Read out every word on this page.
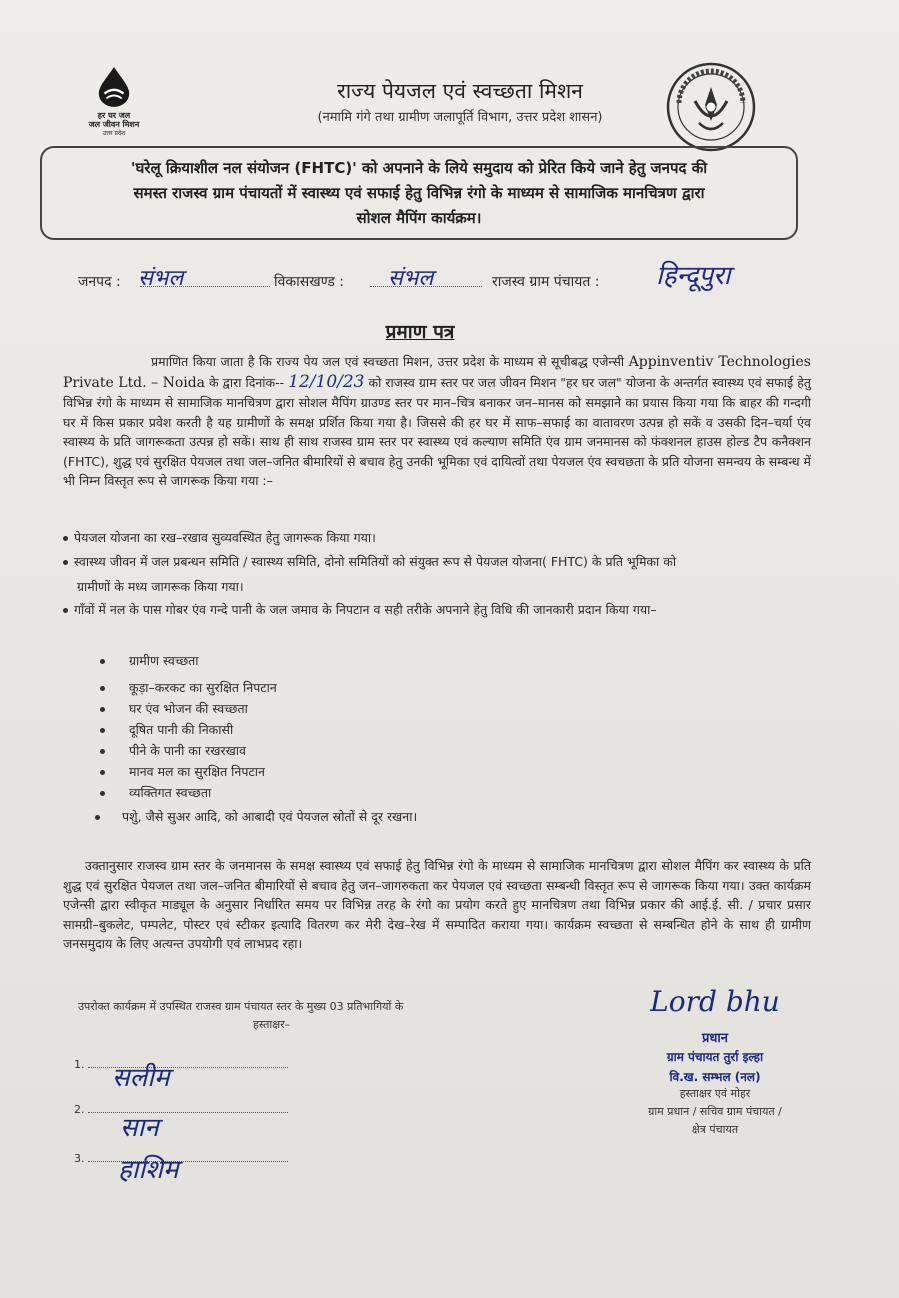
हर घर जल
जल जीवन मिशन
उत्तर प्रदेश
राज्य पेयजल एवं स्वच्छता मिशन
(नमामि गंगे तथा ग्रामीण जलापूर्ति विभाग, उत्तर प्रदेश शासन)
'घरेलू क्रियाशील नल संयोजन (FHTC)' को अपनाने के लिये समुदाय को प्रेरित किये जाने हेतु जनपद की
समस्त राजस्व ग्राम पंचायतों में स्वास्थ्य एवं सफाई हेतु विभिन्न रंगो के माध्यम से सामाजिक मानचित्रण द्वारा
सोशल मैपिंग कार्यक्रम।
जनपद : संभल	विकासखण्ड : संभल	राजस्व ग्राम पंचायत : हिन्दूपुरा
प्रमाण पत्र
प्रमाणित किया जाता है कि राज्य पेय जल एवं स्वच्छता मिशन, उत्तर प्रदेश के माध्यम से सूचीबद्ध एजेन्सी Appinventiv Technologies Private Ltd. – Noida के द्वारा दिनांक-- 12/10/23 को राजस्व ग्राम स्तर पर जल जीवन मिशन "हर घर जल" योजना के अन्तर्गत स्वास्थ्य एवं सफाई हेतु विभिन्न रंगो के माध्यम से सामाजिक मानचित्रण द्वारा सोशल मैपिंग ग्राउण्ड स्तर पर मान–चित्र बनाकर जन–मानस को समझाने का प्रयास किया गया कि बाहर की गन्दगी घर में किस प्रकार प्रवेश करती है यह ग्रामीणों के समक्ष प्रर्शित किया गया है। जिससे की हर घर में साफ–सफाई का वातावरण उत्पन्न हो सकें व उसकी दिन–चर्या एंव स्वास्थ्य के प्रति जागरूकता उत्पन्न हो सकें। साथ ही साथ राजस्व ग्राम स्तर पर स्वास्थ्य एवं कल्याण समिति एंव ग्राम जनमानस को फंक्शनल हाउस होल्ड टैप कनैक्शन (FHTC), शुद्ध एवं सुरक्षित पेयजल तथा जल–जनित बीमारियों से बचाव हेतु उनकी भूमिका एवं दायित्वों तथा पेयजल एंव स्वचछता के प्रति योजना समन्वय के सम्बन्ध में भी निम्न विस्तृत रूप से जागरूक किया गया :–
पेयजल योजना का रख–रखाव सुव्यवस्थित हेतु जागरूक किया गया।
स्वास्थ्य जीवन में जल प्रबन्धन समिति / स्वास्थ्य समिति, दोनो समितियों को संयुक्त रूप से पेयजल योजना( FHTC) के प्रति भूमिका को
ग्रामीणों के मध्य जागरूक किया गया।
गाँवों में नल के पास गोबर एंव गन्दे पानी के जल जमाव के निपटान व सही तरीके अपनाने हेतु विधि की जानकारी प्रदान किया गया–
ग्रामीण स्वच्छता
कूड़ा–करकट का सुरक्षित निपटान
घर एंव भोजन की स्वच्छता
दूषित पानी की निकासी
पीने के पानी का रखरखाव
मानव मल का सुरक्षित निपटान
व्यक्तिगत स्वच्छता
पशुे, जैसे सुअर आदि, को आबादी एवं पेयजल स्रोतों से दूर रखना।
उक्तानुसार राजस्व ग्राम स्तर के जनमानस के समक्ष स्वास्थ्य एवं सफाई हेतु विभिन्न रंगो के माध्यम से सामाजिक मानचित्रण द्वारा सोशल मैपिंग कर स्वास्थ्य के प्रति शुद्ध एवं सुरक्षित पेयजल तथा जल–जनित बीमारियों से बचाव हेतु जन–जागरुकता कर पेयजल एवं स्वच्छता सम्बन्धी विस्तृत रूप से जागरूक किया गया। उक्त कार्यक्रम एजेन्सी द्वारा स्वीकृत माड्यूल के अनुसार निर्धारित समय पर विभिन्न तरह के रंगो का प्रयोग करते हुए मानचित्रण तथा विभिन्न प्रकार की आई.ई. सी. / प्रचार प्रसार सामग्री–बुकलेट, पम्पलेट, पोस्टर एवं स्टीकर इत्यादि वितरण कर मेरी देख–रेख में सम्पादित कराया गया। कार्यक्रम स्वच्छता से सम्बन्धित होने के साथ ही ग्रामीण जनसमुदाय के लिए अत्यन्त उपयोगी एवं लाभप्रद रहा।
उपरोक्त कार्यक्रम में उपस्थित राजस्व ग्राम पंचायत स्तर के मुख्य 03 प्रतिभागियों के
हस्ताक्षर–
1.
2.
3.
सलीम
सान
हाशिम
Lord bhu
प्रधान
ग्राम पंचायत तुर्रा इल्हा
वि.ख. सम्भल (नल)
हस्ताक्षर एवं मोहर
ग्राम प्रधान / सचिव ग्राम पंचायत /
क्षेत्र पंचायत
